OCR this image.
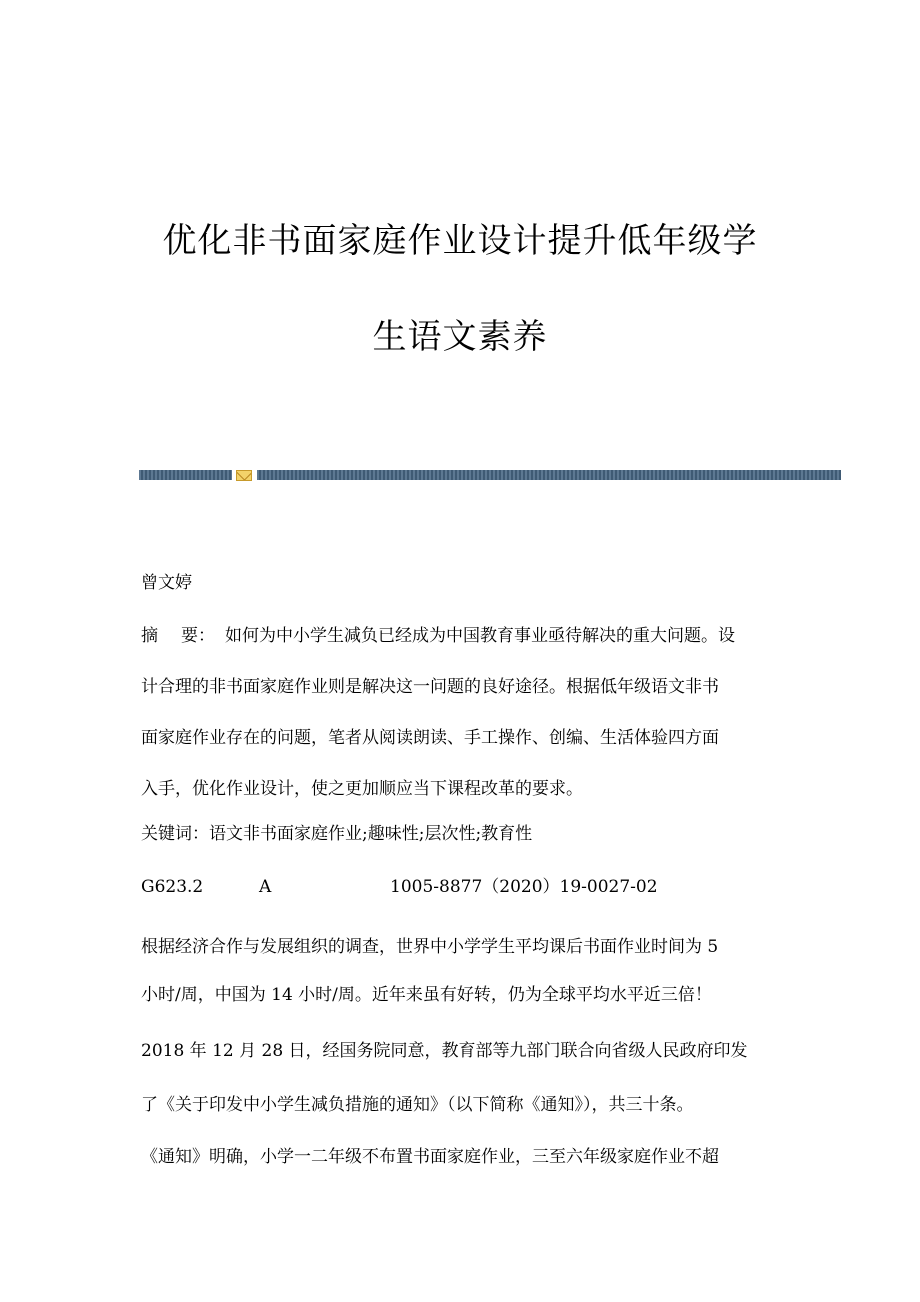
优化非书面家庭作业设计提升低年级学
生语文素养
曾文婷
摘 要： 如何为中小学生减负已经成为中国教育事业亟待解决的重大问题。设
计合理的非书面家庭作业则是解决这一问题的良好途径。根据低年级语文非书
面家庭作业存在的问题，笔者从阅读朗读、手工操作、创编、生活体验四方面
入手，优化作业设计，使之更加顺应当下课程改革的要求。
关键词：语文非书面家庭作业;趣味性;层次性;教育性
G623.2	A	1005-8877（2020）19-0027-02
根据经济合作与发展组织的调查，世界中小学学生平均课后书面作业时间为 5
小时/周，中国为 14 小时/周。近年来虽有好转，仍为全球平均水平近三倍！
2018 年 12 月 28 日，经国务院同意，教育部等九部门联合向省级人民政府印发
了《关于印发中小学生减负措施的通知》（以下简称《通知》），共三十条。
《通知》明确，小学一二年级不布置书面家庭作业，三至六年级家庭作业不超
